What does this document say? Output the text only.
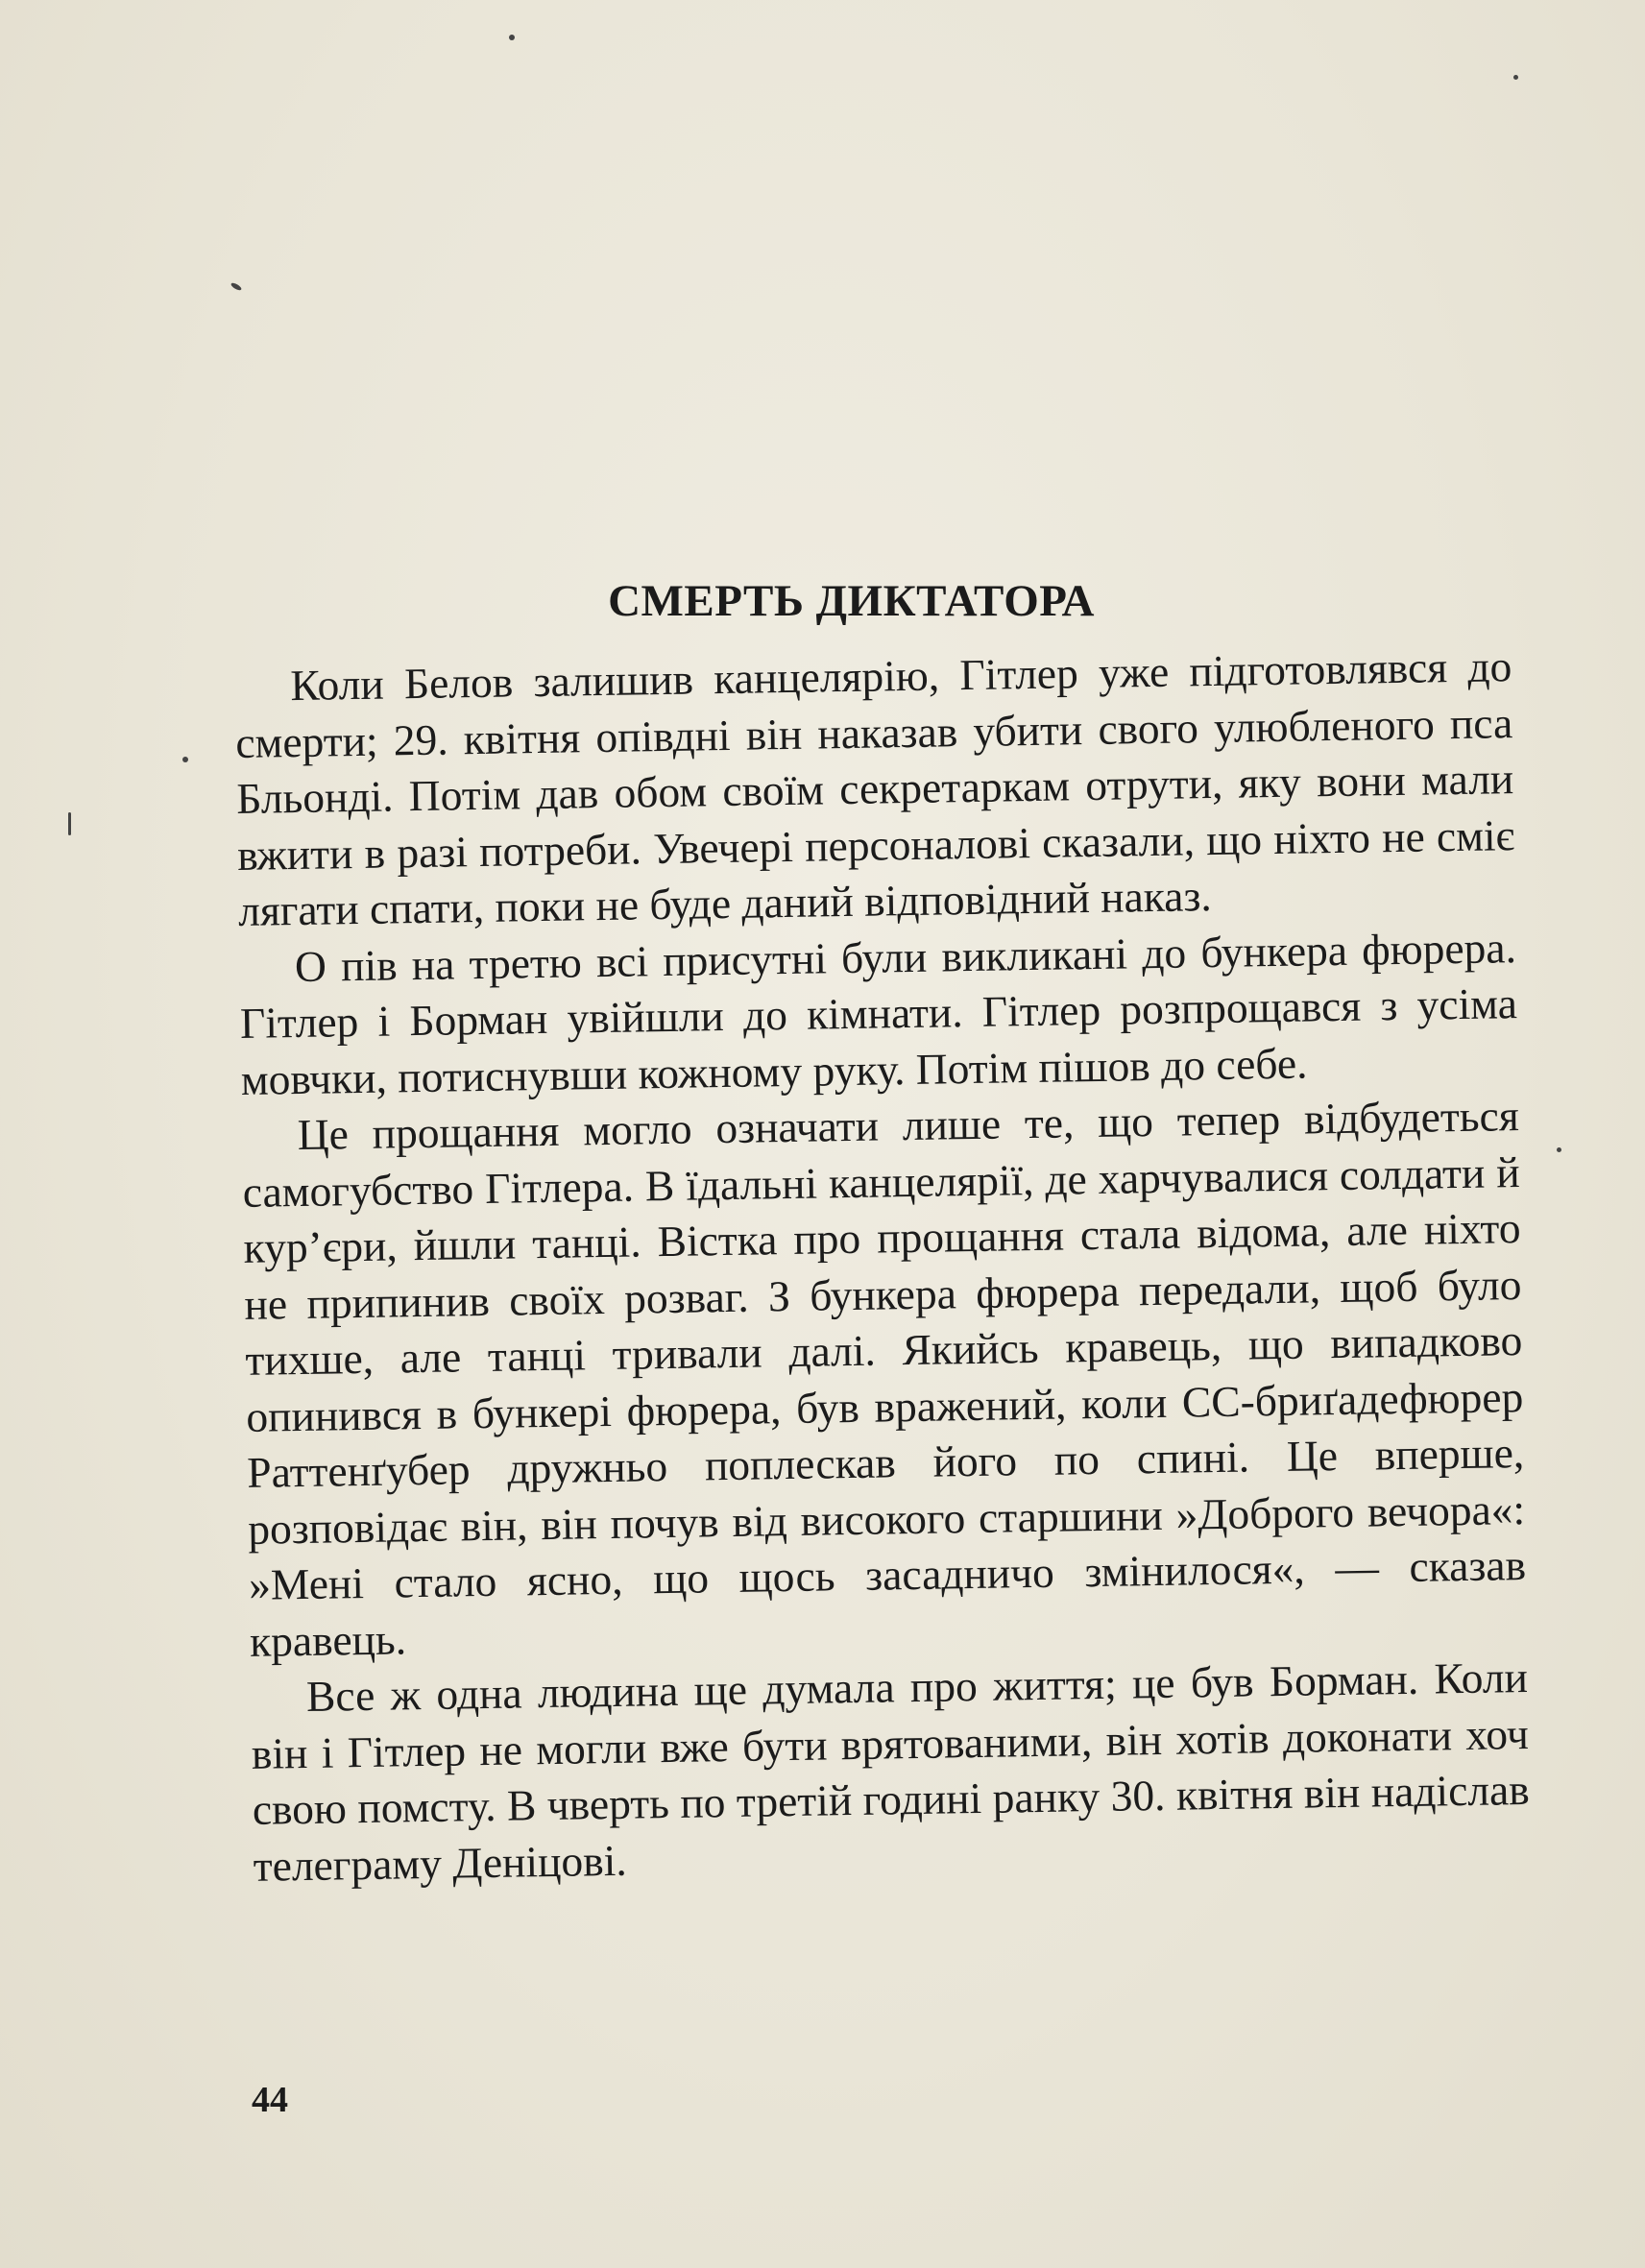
СМЕРТЬ ДИКТАТОРА

Коли Белов залишив канцелярію, Гітлер уже підготовлявся до смерти; 29. квітня опівдні він наказав убити свого улюбленого пса Бльонді. Потім дав обом своїм секретаркам отрути, яку вони мали вжити в разі потреби. Увечері персоналові сказали, що ніхто не сміє лягати спати, поки не буде даний відповідний наказ.

О пів на третю всі присутні були викликані до бункера фюрера. Гітлер і Борман увійшли до кімнати. Гітлер розпрощався з усіма мовчки, потиснувши кожному руку. Потім пішов до себе.

Це прощання могло означати лише те, що тепер відбудеться самогубство Гітлера. В їдальні канцелярії, де харчувалися солдати й кур’єри, йшли танці. Вістка про прощання стала відома, але ніхто не припинив своїх розваг. З бункера фюрера передали, щоб було тихше, але танці тривали далі. Якийсь кравець, що випадково опинився в бункері фюрера, був вражений, коли СС-бриґадефюрер Раттенґубер дружньо поплескав його по спині. Це вперше, розповідає він, він почув від високого старшини »Доброго вечора«: »Мені стало ясно, що щось засадничо змінилося«, — сказав кравець.

Все ж одна людина ще думала про життя; це був Борман. Коли він і Гітлер не могли вже бути врятованими, він хотів доконати хоч свою помсту. В чверть по третій годині ранку 30. квітня він надіслав телеграму Деніцові.

44
